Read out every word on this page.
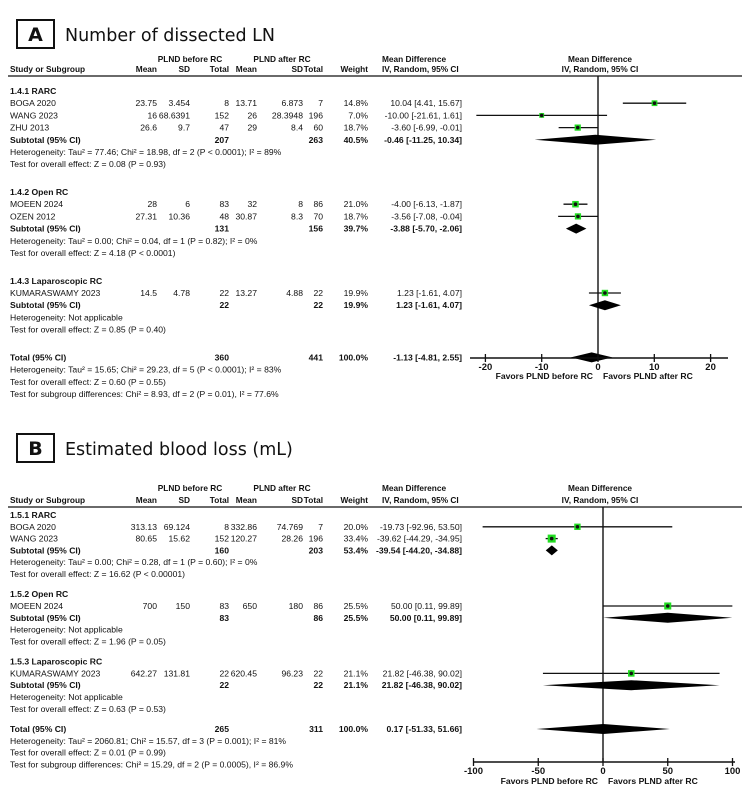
A Number of dissected LN
PLND before RC	PLND after RC	Mean Difference	Mean Difference
Study or Subgroup	Mean	SD Total Mean	SD Total Weight IV, Random, 95% CI	IV, Random, 95% CI
1.4.1 RARC
BOGA 2020	23.75 3.454	8 13.71	6.873 7 14.8%	10.04 [4.41, 15.67]
WANG 2023	16 68.6391	152 26 28.3948 196	7.0% -10.00 [-21.61, 1.61]
ZHU 2013	26.6 9.7	47 29	8.4 60 18.7%	-3.60 [-6.99, -0.01]
Subtotal (95% CI)	207	263 40.5% -0.46 [-11.25, 10.34]
Heterogeneity: Tau² = 77.46; Chi² = 18.98, df = 2 (P < 0.0001); I² = 89%
Test for overall effect: Z = 0.08 (P = 0.93)
1.4.2 Open RC
MOEEN 2024	28	6	83 32	8 86 21.0%	-4.00 [-6.13, -1.87]
OZEN 2012	27.31 10.36	48 30.87	8.3 70 18.7%	-3.56 [-7.08, -0.04]
Subtotal (95% CI)	131	156 39.7%	-3.88 [-5.70, -2.06]
Heterogeneity: Tau² = 0.00; Chi² = 0.04, df = 1 (P = 0.82); I² = 0%
Test for overall effect: Z = 4.18 (P < 0.0001)
1.4.3 Laparoscopic RC
KUMARASWAMY 2023	14.5 4.78	22 13.27	4.88 22 19.9%	1.23 [-1.61, 4.07]
Subtotal (95% CI)	22	22 19.9%	1.23 [-1.61, 4.07]
Heterogeneity: Not applicable
Test for overall effect: Z = 0.85 (P = 0.40)
Total (95% CI)	360	441 100.0%	-1.13 [-4.81, 2.55]
Heterogeneity: Tau² = 15.65; Chi² = 29.23, df = 5 (P < 0.0001); I² = 83%
Test for overall effect: Z = 0.60 (P = 0.55)
Test for subgroup differences: Chi² = 8.93, df = 2 (P = 0.01), I² = 77.6%
-20	-10	0	10	20
Favors PLND before RC Favors PLND after RC
B Estimated blood loss (mL)
PLND before RC	PLND after RC	Mean Difference	Mean Difference
Study or Subgroup	Mean	SD Total Mean	SD Total Weight IV, Random, 95% CI	IV, Random, 95% CI
1.5.1 RARC
BOGA 2020	313.13 69.124	8 332.86 74.769 7 20.0% -19.73 [-92.96, 53.50]
WANG 2023	80.65 15.62	152 120.27	28.26 196 33.4% -39.62 [-44.29, -34.95]
Subtotal (95% CI)	160	203 53.4% -39.54 [-44.20, -34.88]
Heterogeneity: Tau² = 0.00; Chi² = 0.28, df = 1 (P = 0.60); I² = 0%
Test for overall effect: Z = 16.62 (P < 0.00001)
1.5.2 Open RC
MOEEN 2024	700 150	83 650	180 86 25.5%	50.00 [0.11, 99.89]
Subtotal (95% CI)	83	86 25.5%	50.00 [0.11, 99.89]
Heterogeneity: Not applicable
Test for overall effect: Z = 1.96 (P = 0.05)
1.5.3 Laparoscopic RC
KUMARASWAMY 2023	642.27 131.81	22 620.45	96.23 22 21.1% 21.82 [-46.38, 90.02]
Subtotal (95% CI)	22	22 21.1% 21.82 [-46.38, 90.02]
Heterogeneity: Not applicable
Test for overall effect: Z = 0.63 (P = 0.53)
Total (95% CI)	265	311 100.0% 0.17 [-51.33, 51.66]
Heterogeneity: Tau² = 2060.81; Chi² = 15.57, df = 3 (P = 0.001); I² = 81%
Test for overall effect: Z = 0.01 (P = 0.99)
Test for subgroup differences: Chi² = 15.29, df = 2 (P = 0.0005), I² = 86.9%
-100	-50	0	50	100
Favors PLND before RC Favors PLND after RC
